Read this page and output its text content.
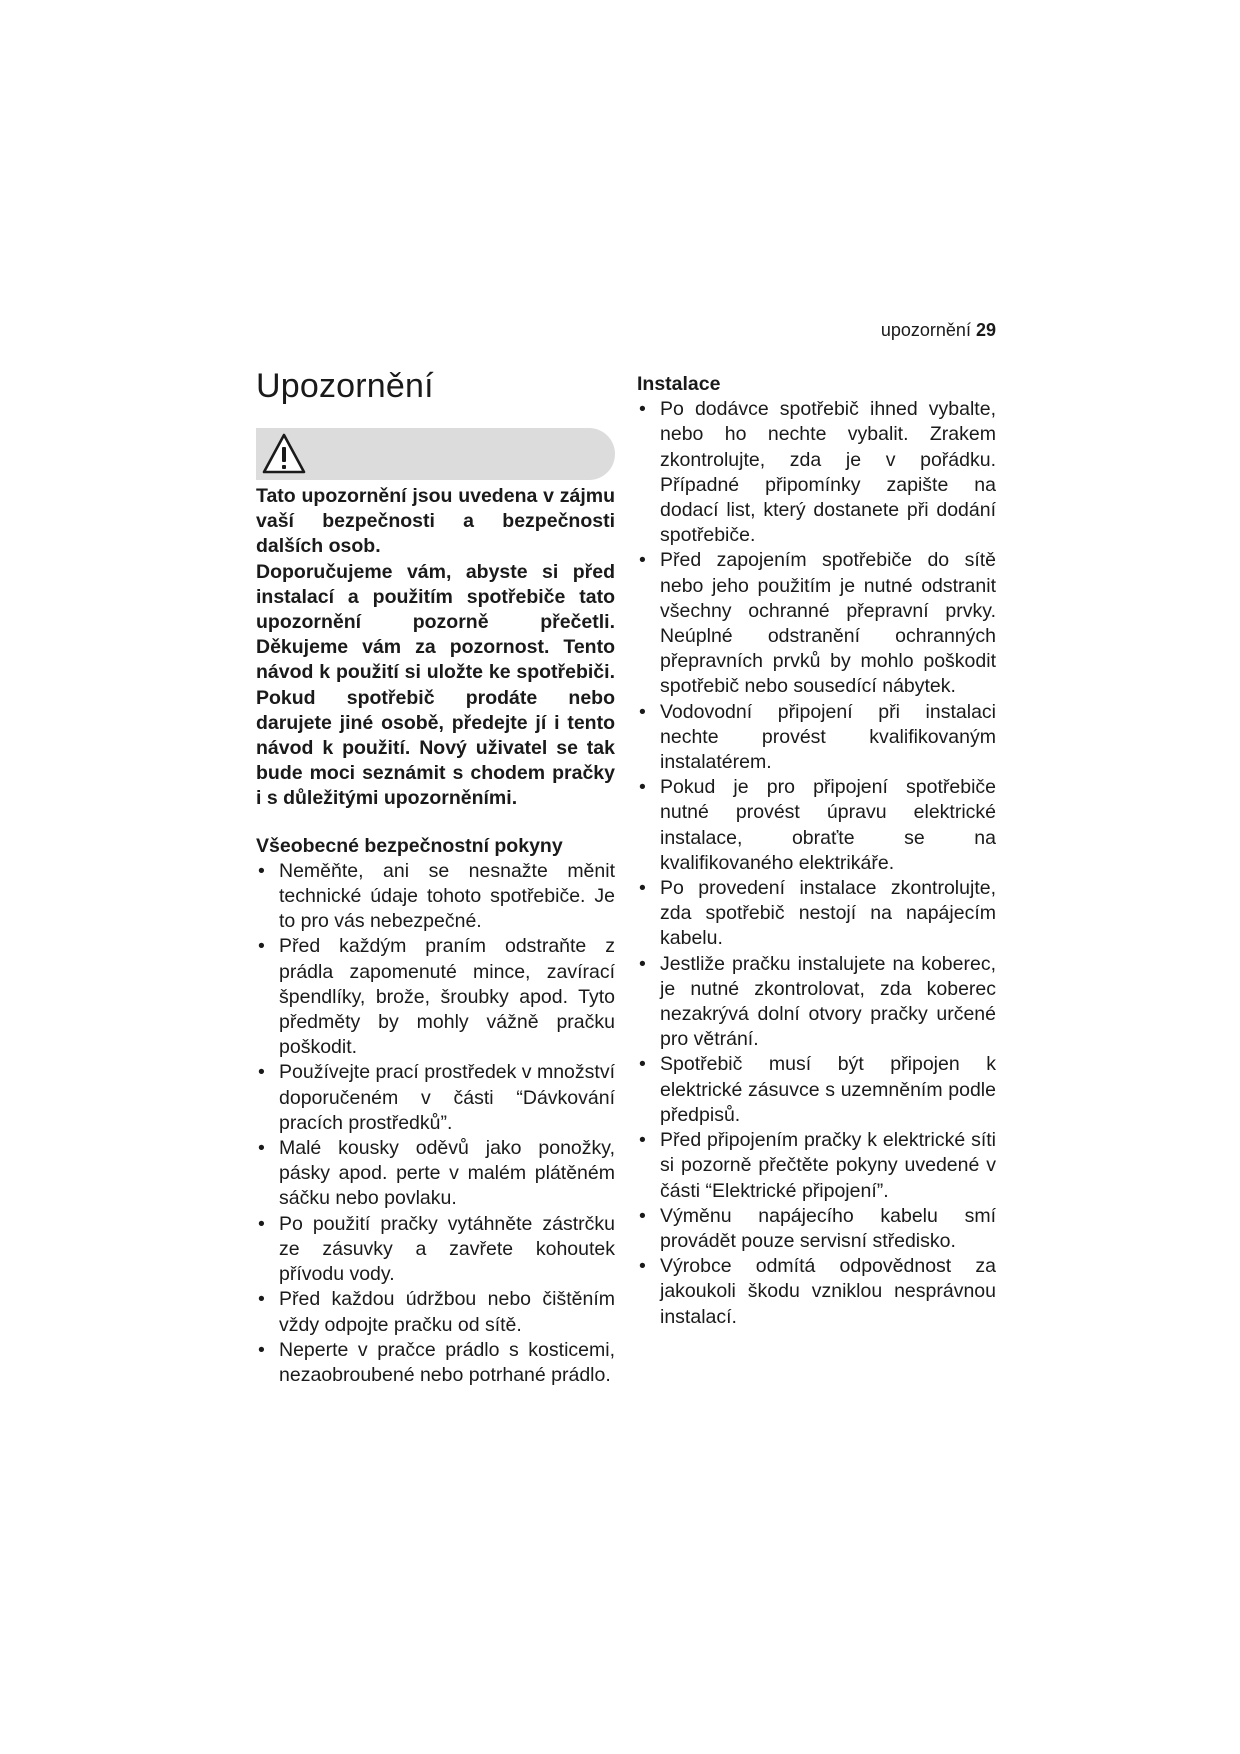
upozornění 29
Upozornění

Tato upozornění jsou uvedena v zájmu vaší bezpečnosti a bezpečnosti dalších osob.

Doporučujeme vám, abyste si před instalací a použitím spotřebiče tato upozornění pozorně přečetli. Děkujeme vám za pozornost. Tento návod k použití si uložte ke spotřebiči. Pokud spotřebič prodáte nebo darujete jiné osobě, předejte jí i tento návod k použití. Nový uživatel se tak bude moci seznámit s chodem pračky i s důležitými upozorněními.

Všeobecné bezpečnostní pokyny

• Neměňte, ani se nesnažte měnit technické údaje tohoto spotřebiče. Je to pro vás nebezpečné.
• Před každým praním odstraňte z prádla zapomenuté mince, zavírací špendlíky, brože, šroubky apod. Tyto předměty by mohly vážně pračku poškodit.
• Používejte prací prostředek v množství doporučeném v části “Dávkování pracích prostředků”.
• Malé kousky oděvů jako ponožky, pásky apod. perte v malém plátěném sáčku nebo povlaku.
• Po použití pračky vytáhněte zástrčku ze zásuvky a zavřete kohoutek přívodu vody.
• Před každou údržbou nebo čištěním vždy odpojte pračku od sítě.
• Neperte v pračce prádlo s kosticemi, nezaobroubené nebo potrhané prádlo.

Instalace

• Po dodávce spotřebič ihned vybalte, nebo ho nechte vybalit. Zrakem zkontrolujte, zda je v pořádku. Případné připomínky zapište na dodací list, který dostanete při dodání spotřebiče.
• Před zapojením spotřebiče do sítě nebo jeho použitím je nutné odstranit všechny ochranné přepravní prvky. Neúplné odstranění ochranných přepravních prvků by mohlo poškodit spotřebič nebo sousedící nábytek.
• Vodovodní připojení při instalaci nechte provést kvalifikovaným instalatérem.
• Pokud je pro připojení spotřebiče nutné provést úpravu elektrické instalace, obraťte se na kvalifikovaného elektrikáře.
• Po provedení instalace zkontrolujte, zda spotřebič nestojí na napájecím kabelu.
• Jestliže pračku instalujete na koberec, je nutné zkontrolovat, zda koberec nezakrývá dolní otvory pračky určené pro větrání.
• Spotřebič musí být připojen k elektrické zásuvce s uzemněním podle předpisů.
• Před připojením pračky k elektrické síti si pozorně přečtěte pokyny uvedené v části “Elektrické připojení”.
• Výměnu napájecího kabelu smí provádět pouze servisní středisko.
• Výrobce odmítá odpovědnost za jakoukoli škodu vzniklou nesprávnou instalací.
